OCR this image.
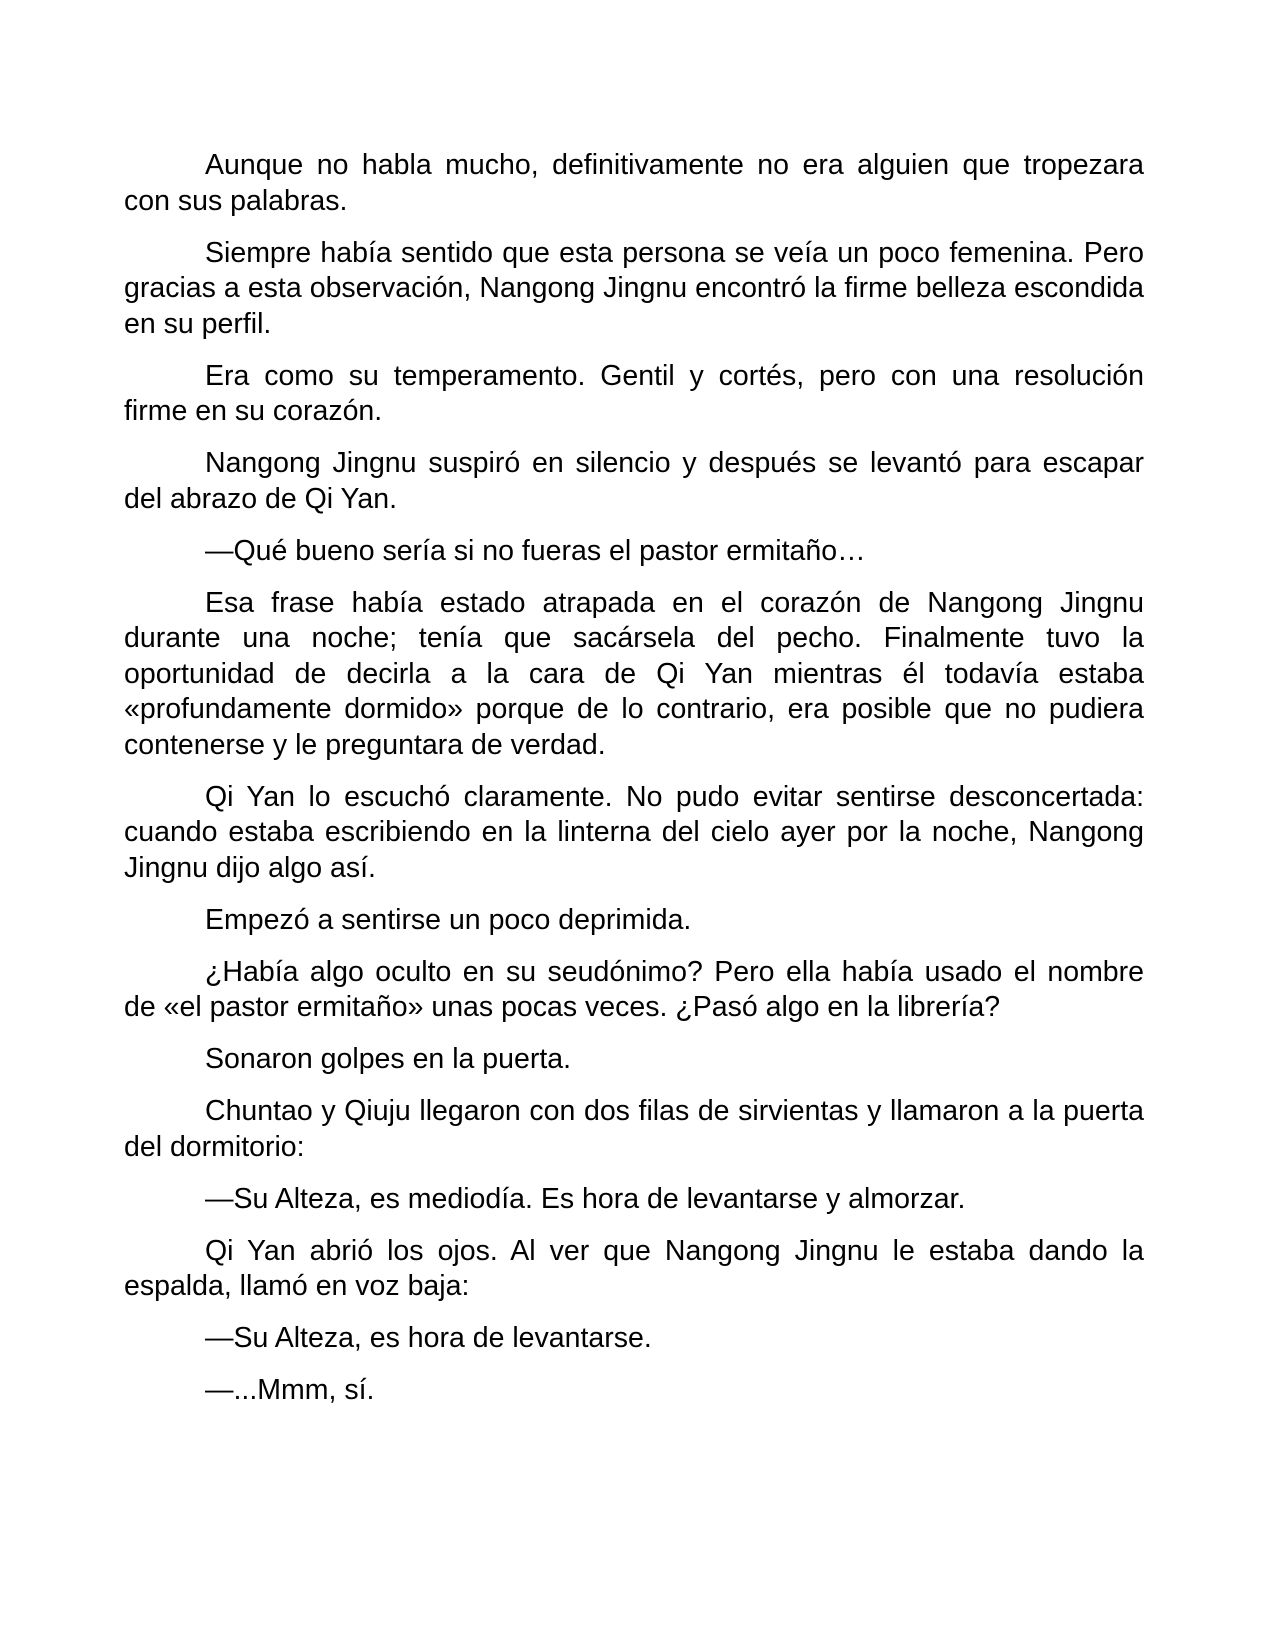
Aunque no habla mucho, definitivamente no era alguien que tropezara con sus palabras.

Siempre había sentido que esta persona se veía un poco femenina. Pero gracias a esta observación, Nangong Jingnu encontró la firme belleza escondida en su perfil.

Era como su temperamento. Gentil y cortés, pero con una resolución firme en su corazón.

Nangong Jingnu suspiró en silencio y después se levantó para escapar del abrazo de Qi Yan.

—Qué bueno sería si no fueras el pastor ermitaño…

Esa frase había estado atrapada en el corazón de Nangong Jingnu durante una noche; tenía que sacársela del pecho. Finalmente tuvo la oportunidad de decirla a la cara de Qi Yan mientras él todavía estaba «profundamente dormido» porque de lo contrario, era posible que no pudiera contenerse y le preguntara de verdad.

Qi Yan lo escuchó claramente. No pudo evitar sentirse desconcertada: cuando estaba escribiendo en la linterna del cielo ayer por la noche, Nangong Jingnu dijo algo así.

Empezó a sentirse un poco deprimida.

¿Había algo oculto en su seudónimo? Pero ella había usado el nombre de «el pastor ermitaño» unas pocas veces. ¿Pasó algo en la librería?

Sonaron golpes en la puerta.

Chuntao y Qiuju llegaron con dos filas de sirvientas y llamaron a la puerta del dormitorio:

—Su Alteza, es mediodía. Es hora de levantarse y almorzar.

Qi Yan abrió los ojos. Al ver que Nangong Jingnu le estaba dando la espalda, llamó en voz baja:

—Su Alteza, es hora de levantarse.

—...Mmm, sí.
